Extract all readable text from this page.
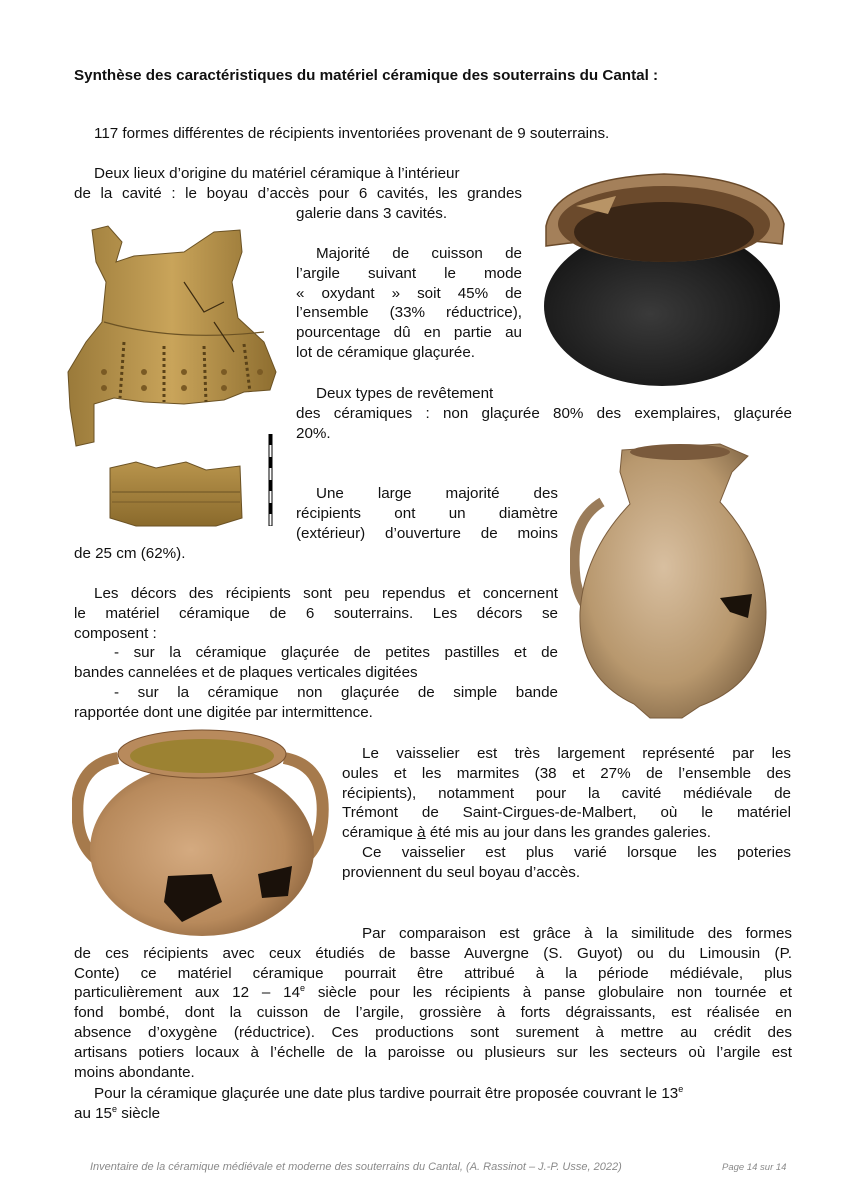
Synthèse des caractéristiques du matériel céramique des souterrains du Cantal :
117 formes différentes de récipients inventoriées provenant de 9 souterrains.

Deux lieux d’origine du matériel céramique à l’intérieur

de la cavité : le boyau d’accès pour 6 cavités, les grandes

galerie dans 3 cavités.

Majorité de cuisson de

l’argile suivant le mode

« oxydant » soit 45% de

l’ensemble (33% réductrice),

pourcentage dû en partie au

lot de céramique glaçurée.

Deux types de revêtement

des céramiques : non glaçurée 80% des exemplaires, glaçurée

20%.

Une large majorité des

récipients ont un diamètre

(extérieur) d’ouverture de moins

de 25 cm (62%).

Les décors des récipients sont peu rependus et concernent

le matériel céramique de 6 souterrains. Les décors se

composent :

- sur la céramique glaçurée de petites pastilles et de

bandes cannelées et de plaques verticales digitées

- sur la céramique non glaçurée de simple bande

rapportée dont une digitée par intermittence.

Le vaisselier est très largement représenté par les

oules et les marmites (38 et 27% de l’ensemble des

récipients), notamment pour la cavité médiévale de

Trémont de Saint-Cirgues-de-Malbert, où le matériel

céramique à été mis au jour dans les grandes galeries.

Ce vaisselier est plus varié lorsque les poteries

proviennent du seul boyau d’accès.

Par comparaison est grâce à la similitude des formes

de ces récipients avec ceux étudiés de basse Auvergne (S. Guyot) ou du Limousin (P.

Conte) ce matériel céramique pourrait être attribué à la période médiévale, plus

particulièrement aux 12 – 14e siècle pour les récipients à panse globulaire non tournée et

fond bombé, dont la cuisson de l’argile, grossière à forts dégraissants, est réalisée en

absence d’oxygène (réductrice). Ces productions sont surement à mettre au crédit des

artisans potiers locaux à l’échelle de la paroisse ou plusieurs sur les secteurs où l’argile est

moins abondante.

Pour la céramique glaçurée une date plus tardive pourrait être proposée couvrant le 13e

au 15e siècle

Inventaire de la céramique médiévale et moderne des souterrains du Cantal, (A. Rassinot – J.-P. Usse, 2022)	Page 14 sur 14
